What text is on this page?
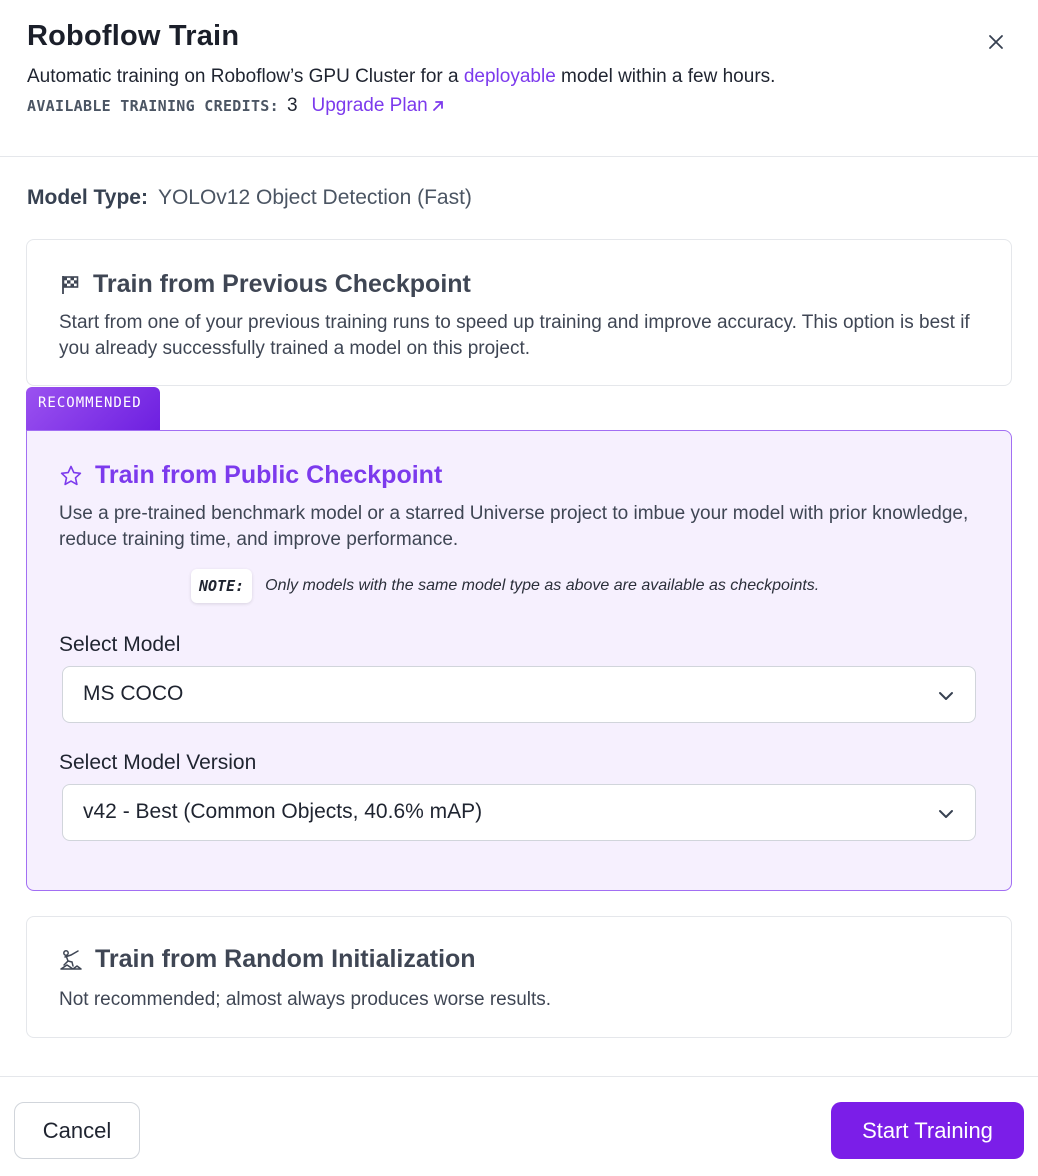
Roboflow Train
Automatic training on Roboflow’s GPU Cluster for a deployable model within a few hours.
AVAILABLE TRAINING CREDITS: 3 Upgrade Plan
Model Type: YOLOv12 Object Detection (Fast)
Train from Previous Checkpoint
Start from one of your previous training runs to speed up training and improve accuracy. This option is best if you already successfully trained a model on this project.
RECOMMENDED
Train from Public Checkpoint
Use a pre-trained benchmark model or a starred Universe project to imbue your model with prior knowledge, reduce training time, and improve performance.
NOTE:	Only models with the same model type as above are available as checkpoints.
Select Model
MS COCO
Select Model Version
v42 - Best (Common Objects, 40.6% mAP)
Train from Random Initialization
Not recommended; almost always produces worse results.
Cancel	Start Training
